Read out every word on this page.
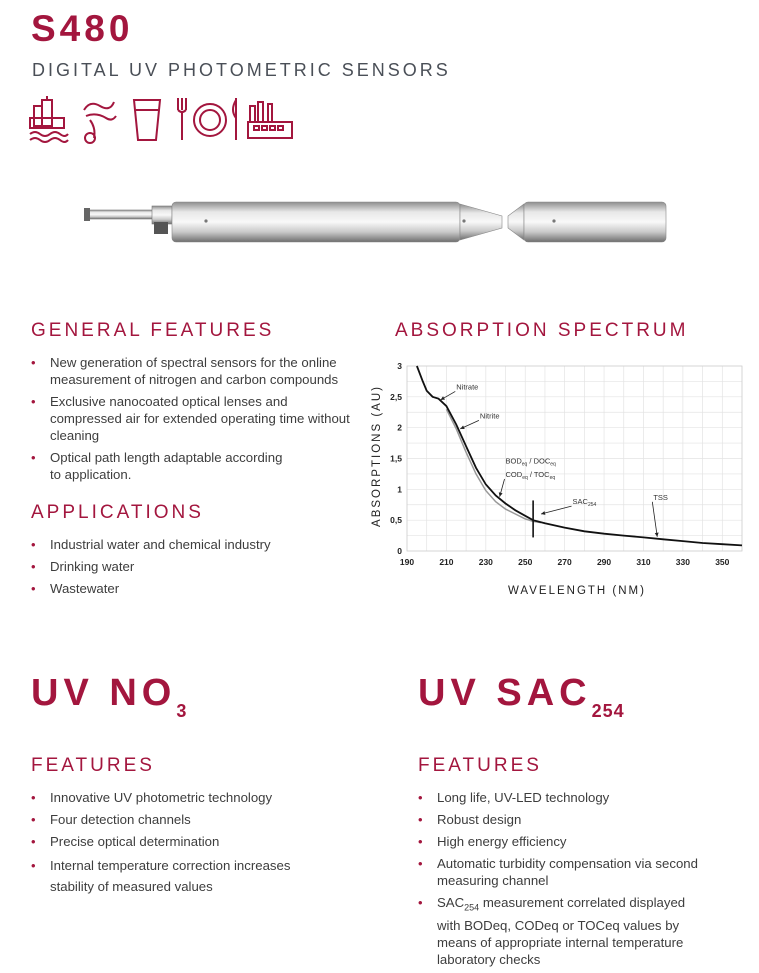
S480
DIGITAL UV PHOTOMETRIC SENSORS
GENERAL FEATURES
• New generation of spectral sensors for the online measurement of nitrogen and carbon compounds
• Exclusive nanocoated optical lenses and compressed air for extended operating time without cleaning
• Optical path length adaptable according to application.
APPLICATIONS
• Industrial water and chemical industry
• Drinking water
• Wastewater
ABSORPTION SPECTRUM
190	210	230	250	270	290	310	330	350
0
0,5
1
1,5
2
2,5
3
Nitrate
Nitrite
$BOD_{eq} / DOC_{eq}$
$COD_{eq} / TOC_{eq}$
$SAC_{254}$
TSS
ABSORPTIONS (AU)
WAVELENGTH (NM)
UV $NO_3$
FEATURES
• Innovative UV photometric technology
• Four detection channels
• Precise optical determination
• Internal temperature correction increases stability of measured values
UV $SAC_{254}$
FEATURES
• Long life, UV-LED technology
• Robust design
• High energy efficiency
• Automatic turbidity compensation via second measuring channel
• $SAC_{254}$ measurement correlated displayed with BODeq, CODeq or TOCeq values by means of appropriate internal temperature laboratory checks
